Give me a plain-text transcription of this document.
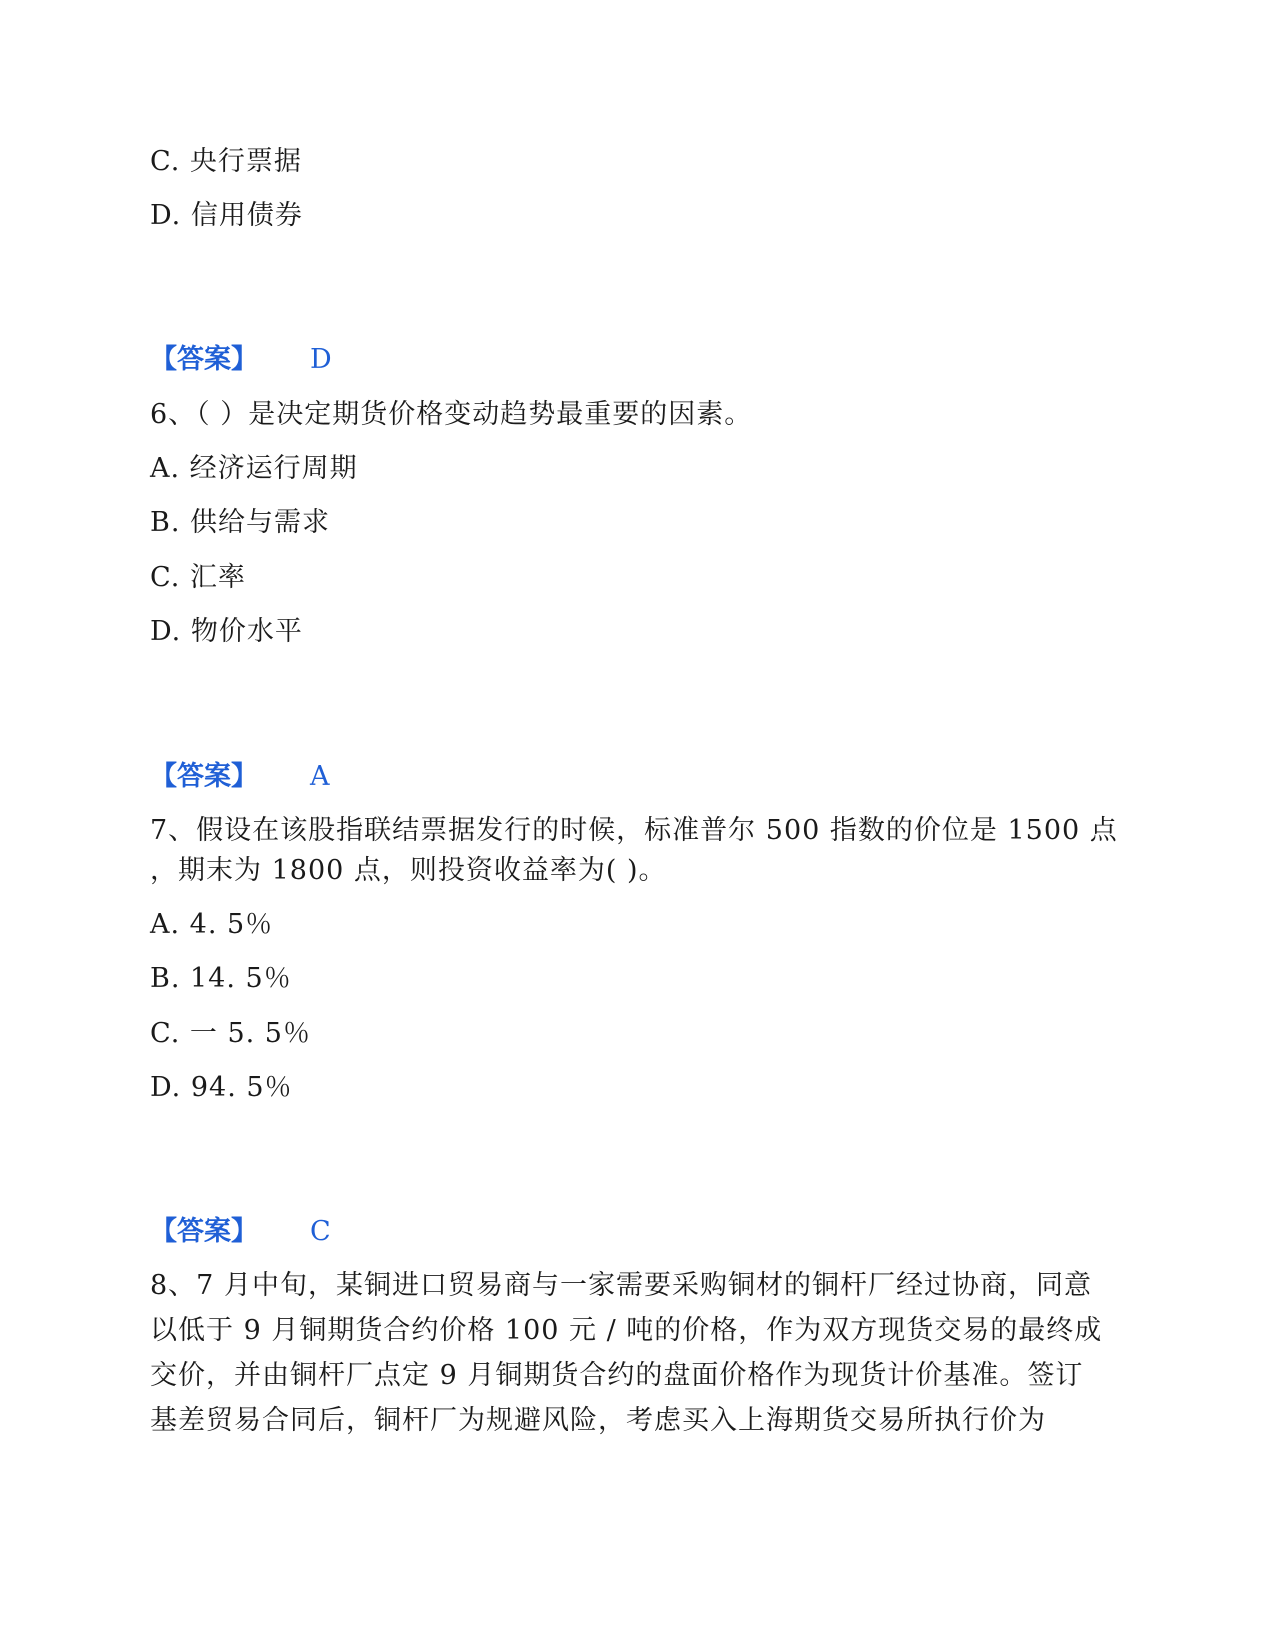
C. 央行票据
D. 信用债券
【答案】 D
6、（ ）是决定期货价格变动趋势最重要的因素。
A. 经济运行周期
B. 供给与需求
C. 汇率
D. 物价水平
【答案】 A
7、假设在该股指联结票据发行的时候，标准普尔 500 指数的价位是 1500 点
，期末为 1800 点，则投资收益率为( )。
A. 4. 5％
B. 14. 5％
C. 一 5. 5％
D. 94. 5％
【答案】 C
8、7 月中旬，某铜进口贸易商与一家需要采购铜材的铜杆厂经过协商，同意
以低于 9 月铜期货合约价格 100 元 / 吨的价格，作为双方现货交易的最终成
交价，并由铜杆厂点定 9 月铜期货合约的盘面价格作为现货计价基准。签订
基差贸易合同后，铜杆厂为规避风险，考虑买入上海期货交易所执行价为
